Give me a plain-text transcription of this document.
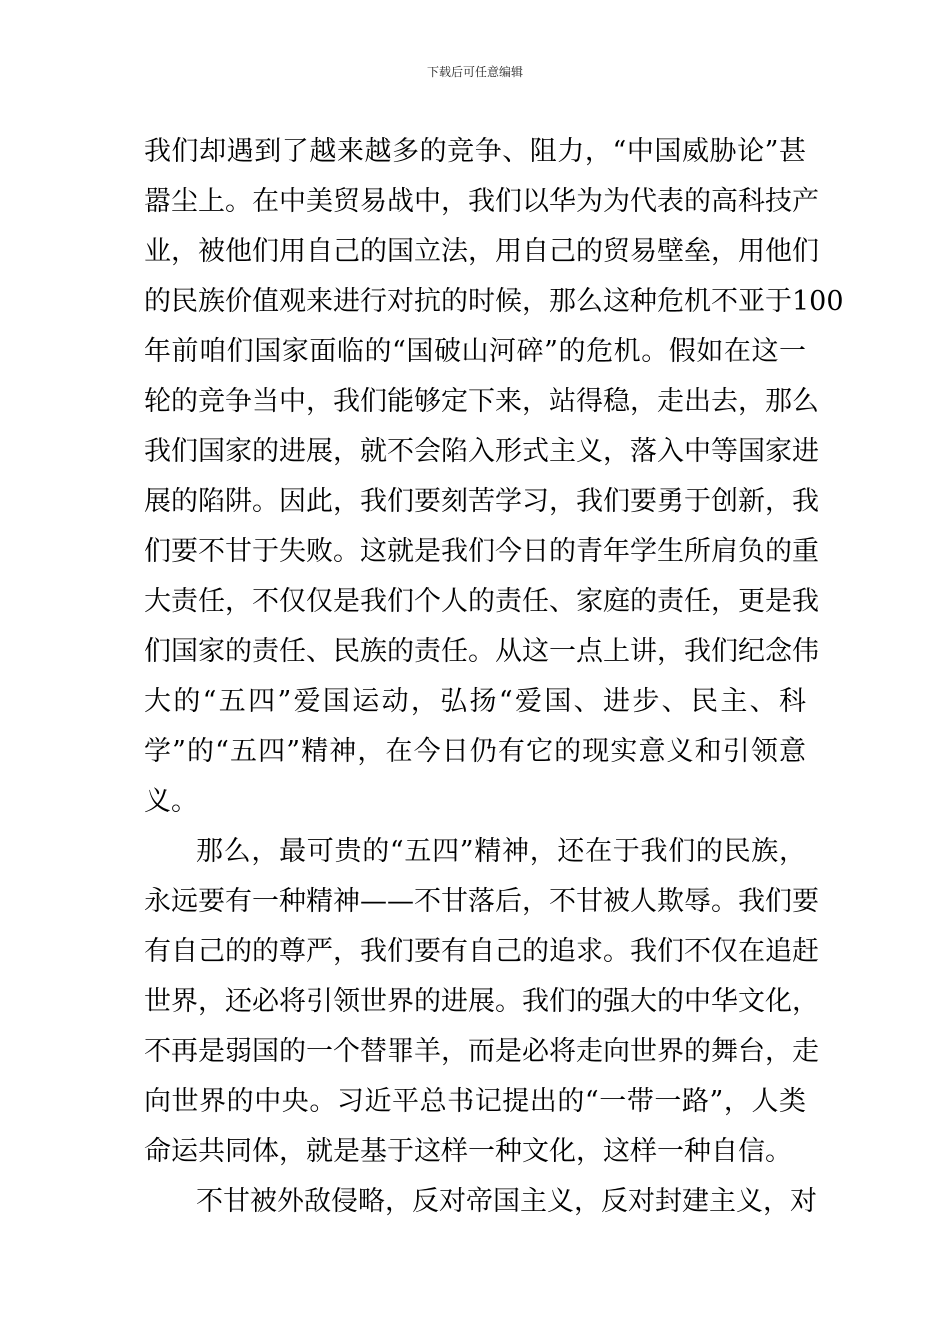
下载后可任意编辑
我们却遇到了越来越多的竞争、阻力，“中国威胁论”甚
嚣尘上。在中美贸易战中，我们以华为为代表的高科技产
业，被他们用自己的国立法，用自己的贸易壁垒，用他们
的民族价值观来进行对抗的时候，那么这种危机不亚于100
年前咱们国家面临的“国破山河碎”的危机。假如在这一
轮的竞争当中，我们能够定下来，站得稳，走出去，那么
我们国家的进展，就不会陷入形式主义，落入中等国家进
展的陷阱。因此，我们要刻苦学习，我们要勇于创新，我
们要不甘于失败。这就是我们今日的青年学生所肩负的重
大责任，不仅仅是我们个人的责任、家庭的责任，更是我
们国家的责任、民族的责任。从这一点上讲，我们纪念伟
大的“五四”爱国运动，弘扬“爱国、进步、民主、科
学”的“五四”精神，在今日仍有它的现实意义和引领意
义。
那么，最可贵的“五四”精神，还在于我们的民族，
永远要有一种精神——不甘落后，不甘被人欺辱。我们要
有自己的的尊严，我们要有自己的追求。我们不仅在追赶
世界，还必将引领世界的进展。我们的强大的中华文化，
不再是弱国的一个替罪羊，而是必将走向世界的舞台，走
向世界的中央。习近平总书记提出的“一带一路”，人类
命运共同体，就是基于这样一种文化，这样一种自信。
不甘被外敌侵略，反对帝国主义，反对封建主义，对
